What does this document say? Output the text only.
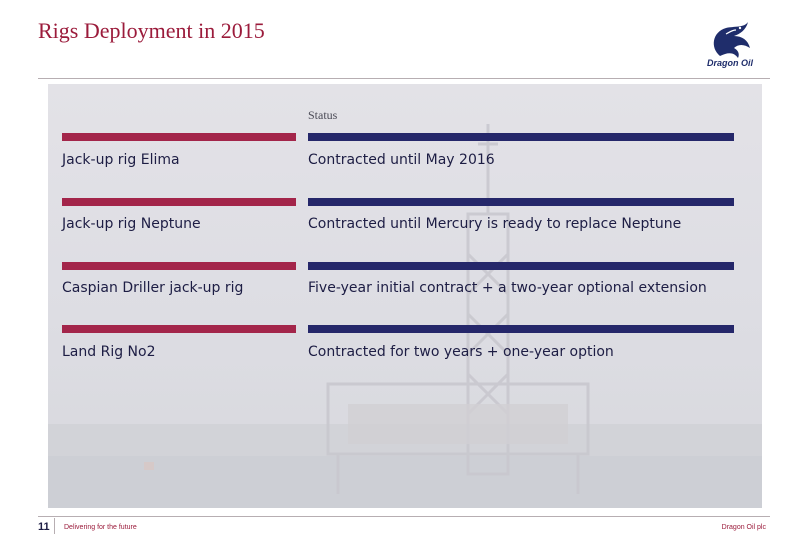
Rigs Deployment in 2015
Dragon Oil
Status
Jack-up rig Elima	Contracted until May 2016
Jack-up rig Neptune	Contracted until Mercury is ready to replace Neptune
Caspian Driller jack-up rig	Five-year initial contract + a two-year optional extension
Land Rig No2	Contracted for two years + one-year option
11 Delivering for the future	Dragon Oil plc
